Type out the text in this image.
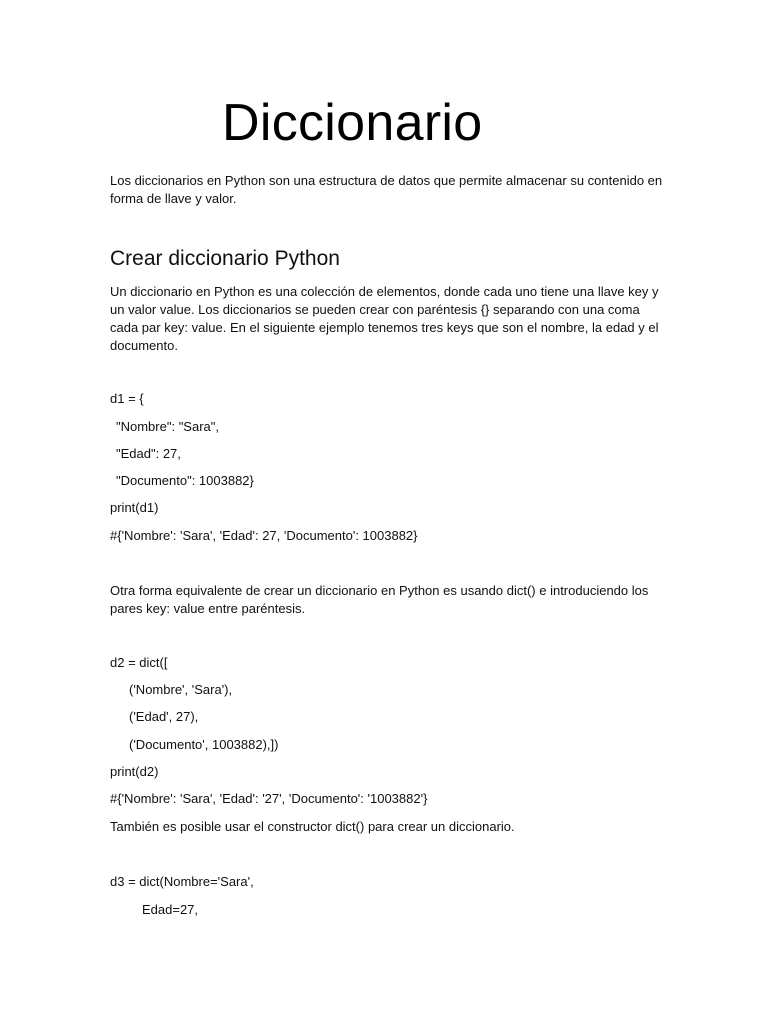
Diccionario

Los diccionarios en Python son una estructura de datos que permite almacenar su contenido en forma de llave y valor.

Crear diccionario Python

Un diccionario en Python es una colección de elementos, donde cada uno tiene una llave key y un valor value. Los diccionarios se pueden crear con paréntesis {} separando con una coma cada par key: value. En el siguiente ejemplo tenemos tres keys que son el nombre, la edad y el documento.

d1 = {

"Nombre": "Sara",

"Edad": 27,

"Documento": 1003882}

print(d1)

#{'Nombre': 'Sara', 'Edad': 27, 'Documento': 1003882}

Otra forma equivalente de crear un diccionario en Python es usando dict() e introduciendo los pares key: value entre paréntesis.

d2 = dict([

('Nombre', 'Sara'),

('Edad', 27),

('Documento', 1003882),])

print(d2)

#{'Nombre': 'Sara', 'Edad': '27', 'Documento': '1003882'}

También es posible usar el constructor dict() para crear un diccionario.

d3 = dict(Nombre='Sara',

Edad=27,
